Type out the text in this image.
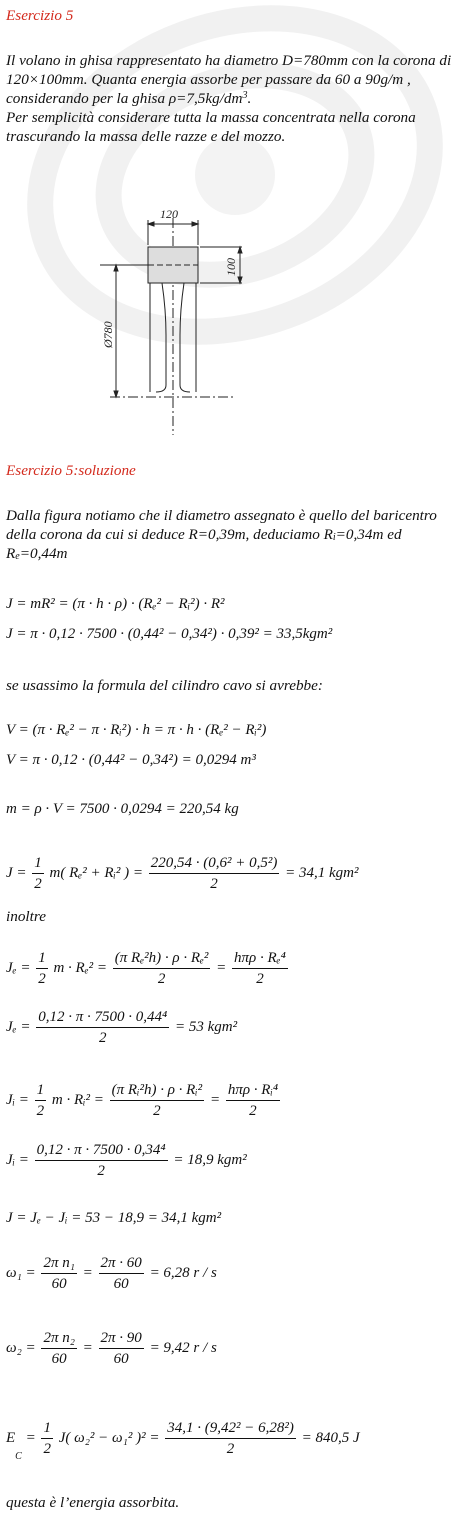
Esercizio 5

Il volano in ghisa rappresentato ha diametro D=780mm con la corona di 120×100mm. Quanta energia assorbe per passare da 60 a 90g/m , considerando per la ghisa $\rho=7,5kg/dm^3$.
Per semplicità considerare tutta la massa concentrata nella corona trascurando la massa delle razze e del mozzo.

120
100
Ø780
Esercizio 5:soluzione

Dalla figura notiamo che il diametro assegnato è quello del baricentro della corona da cui si deduce R=0,39m, deduciamo Ri=0,34m ed Re=0,44m

J = mR² = (π · h · ρ) · (Rₑ² − Rᵢ²) · R²
J = π · 0,12 · 7500 · (0,44² − 0,34²) · 0,39² = 33,5kgm²
se usassimo la formula del cilindro cavo si avrebbe:
V = (π · Rₑ² − π · Rᵢ²) · h = π · h · (Rₑ² − Rᵢ²)
V = π · 0,12 · (0,44² − 0,34²) = 0,0294 m³
m = ρ · V = 7500 · 0,0294 = 220,54 kg
$J = \frac{1}{2} m$( Rₑ² + Rᵢ² ) = $\frac{\text{220,54 · (0,6² + 0,5²)}}{2} = 34,1$ kgm²
inoltre
$J_e = \frac{1}{2}$ $m \cdot R_e^2 = \frac{\text{(π Rₑ²h) · ρ · Rₑ²}}{2} = \frac{\text{hπρ · Rₑ⁴}}{2}$
$J_e = \frac{\text{0,12 · π · 7500 · 0,44⁴}}{2} = 53$ kgm²
Jᵢ = $\frac{1}{2}$ m · Rᵢ² = $\frac{\text{(π Rᵢ²h) · ρ · Rᵢ²}}{2} = \frac{\text{hπρ · Rᵢ⁴}}{2}$
Jᵢ = $\frac{\text{0,12 · π · 7500 · 0,34⁴}}{2} = 18,9$ kgm²
J = Jₑ − Jᵢ = 53 − 18,9 = 34,1 kgm²
$\omega_1 = \frac{\text{2π n₁}}{60} = \frac{2\pi \cdot 60}{60} = 6,28$ r / s
$\omega_2 = \frac{\text{2π n₂}}{60} = \frac{2\pi \cdot 90}{60} = 9,42$ r / s
$E_C = \frac{1}{2} J$( ω₂² − ω₁² )$^2 = \frac{\text{34,1 · (9,42² − 6,28²)}}{2} = 840,5$ J
questa è l’energia assorbita.
